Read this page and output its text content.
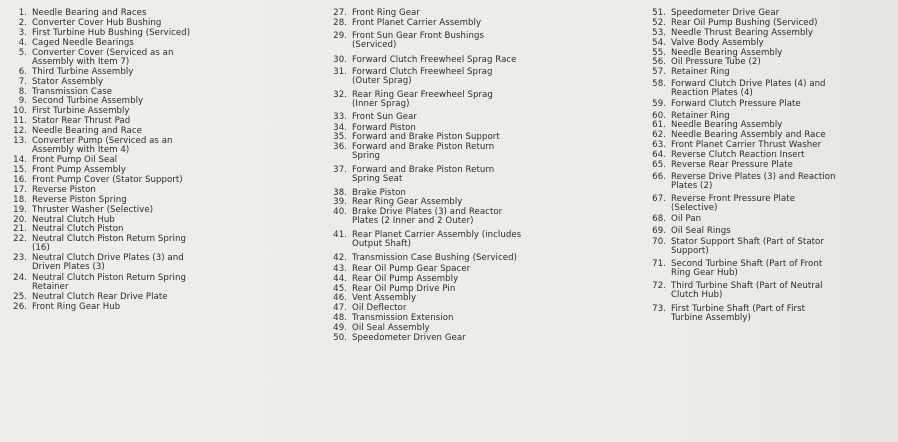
1. Needle Bearing and Races
2. Converter Cover Hub Bushing
3. First Turbine Hub Bushing (Serviced)
4. Caged Needle Bearings
5. Converter Cover (Serviced as an
Assembly with Item 7)
6. Third Turbine Assembly
7. Stator Assembly
8. Transmission Case
9. Second Turbine Assembly
10. First Turbine Assembly
11. Stator Rear Thrust Pad
12. Needle Bearing and Race
13. Converter Pump (Serviced as an
Assembly with Item 4)
14. Front Pump Oil Seal
15. Front Pump Assembly
16. Front Pump Cover (Stator Support)
17. Reverse Piston
18. Reverse Piston Spring
19. Thruster Washer (Selective)
20. Neutral Clutch Hub
21. Neutral Clutch Piston
22. Neutral Clutch Piston Return Spring
(16)
23. Neutral Clutch Drive Plates (3) and
Driven Plates (3)
24. Neutral Clutch Piston Return Spring
Retainer
25. Neutral Clutch Rear Drive Plate
26. Front Ring Gear Hub
27. Front Ring Gear
28. Front Planet Carrier Assembly
29. Front Sun Gear Front Bushings
(Serviced)
30. Forward Clutch Freewheel Sprag Race
31. Forward Clutch Freewheel Sprag
(Outer Sprag)
32. Rear Ring Gear Freewheel Sprag
(Inner Sprag)
33. Front Sun Gear
34. Forward Piston
35. Forward and Brake Piston Support
36. Forward and Brake Piston Return
Spring
37. Forward and Brake Piston Return
Spring Seat
38. Brake Piston
39. Rear Ring Gear Assembly
40. Brake Drive Plates (3) and Reactor
Plates (2 Inner and 2 Outer)
41. Rear Planet Carrier Assembly (includes
Output Shaft)
42. Transmission Case Bushing (Serviced)
43. Rear Oil Pump Gear Spacer
44. Rear Oil Pump Assembly
45. Rear Oil Pump Drive Pin
46. Vent Assembly
47. Oil Deflector
48. Transmission Extension
49. Oil Seal Assembly
50. Speedometer Driven Gear
51. Speedometer Drive Gear
52. Rear Oil Pump Bushing (Serviced)
53. Needle Thrust Bearing Assembly
54. Valve Body Assembly
55. Needle Bearing Assembly
56. Oil Pressure Tube (2)
57. Retainer Ring
58. Forward Clutch Drive Plates (4) and
Reaction Plates (4)
59. Forward Clutch Pressure Plate
60. Retainer Ring
61. Needle Bearing Assembly
62. Needle Bearing Assembly and Race
63. Front Planet Carrier Thrust Washer
64. Reverse Clutch Reaction Insert
65. Reverse Rear Pressure Plate
66. Reverse Drive Plates (3) and Reaction
Plates (2)
67. Reverse Front Pressure Plate
(Selective)
68. Oil Pan
69. Oil Seal Rings
70. Stator Support Shaft (Part of Stator
Support)
71. Second Turbine Shaft (Part of Front
Ring Gear Hub)
72. Third Turbine Shaft (Part of Neutral
Clutch Hub)
73. First Turbine Shaft (Part of First
Turbine Assembly)
